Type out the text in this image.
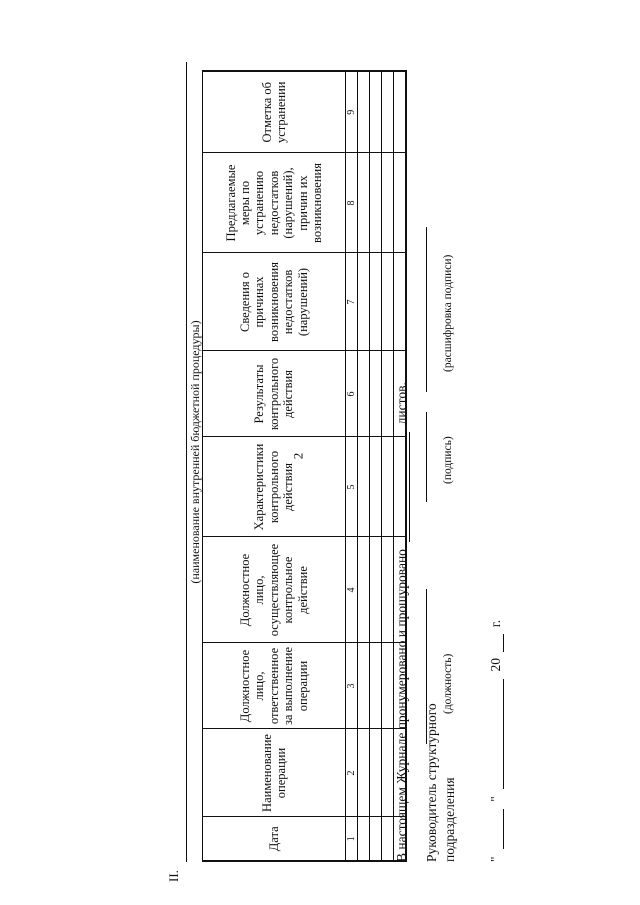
2
II.
(наименование внутренней бюджетной процедуры)
Дата	Наименование операции	Должностное лицо, ответственное за выполнение операции	Должностное лицо, осуществляющее контрольное действие	Характеристики контрольного действия	Результаты контрольного действия	Сведения о причинах возникновения недостатков (нарушений)	Предлагаемые меры по устранению недостатков (нарушений), причин их возникновения	Отметка об устранении
1	2	3	4	5	6	7	8	9

В настоящем Журнале пронумеровано и прошуровано  листов.
Руководитель структурного подразделения
(должность)
(подпись)
(расшифровка подписи)
"  "  20  г.
